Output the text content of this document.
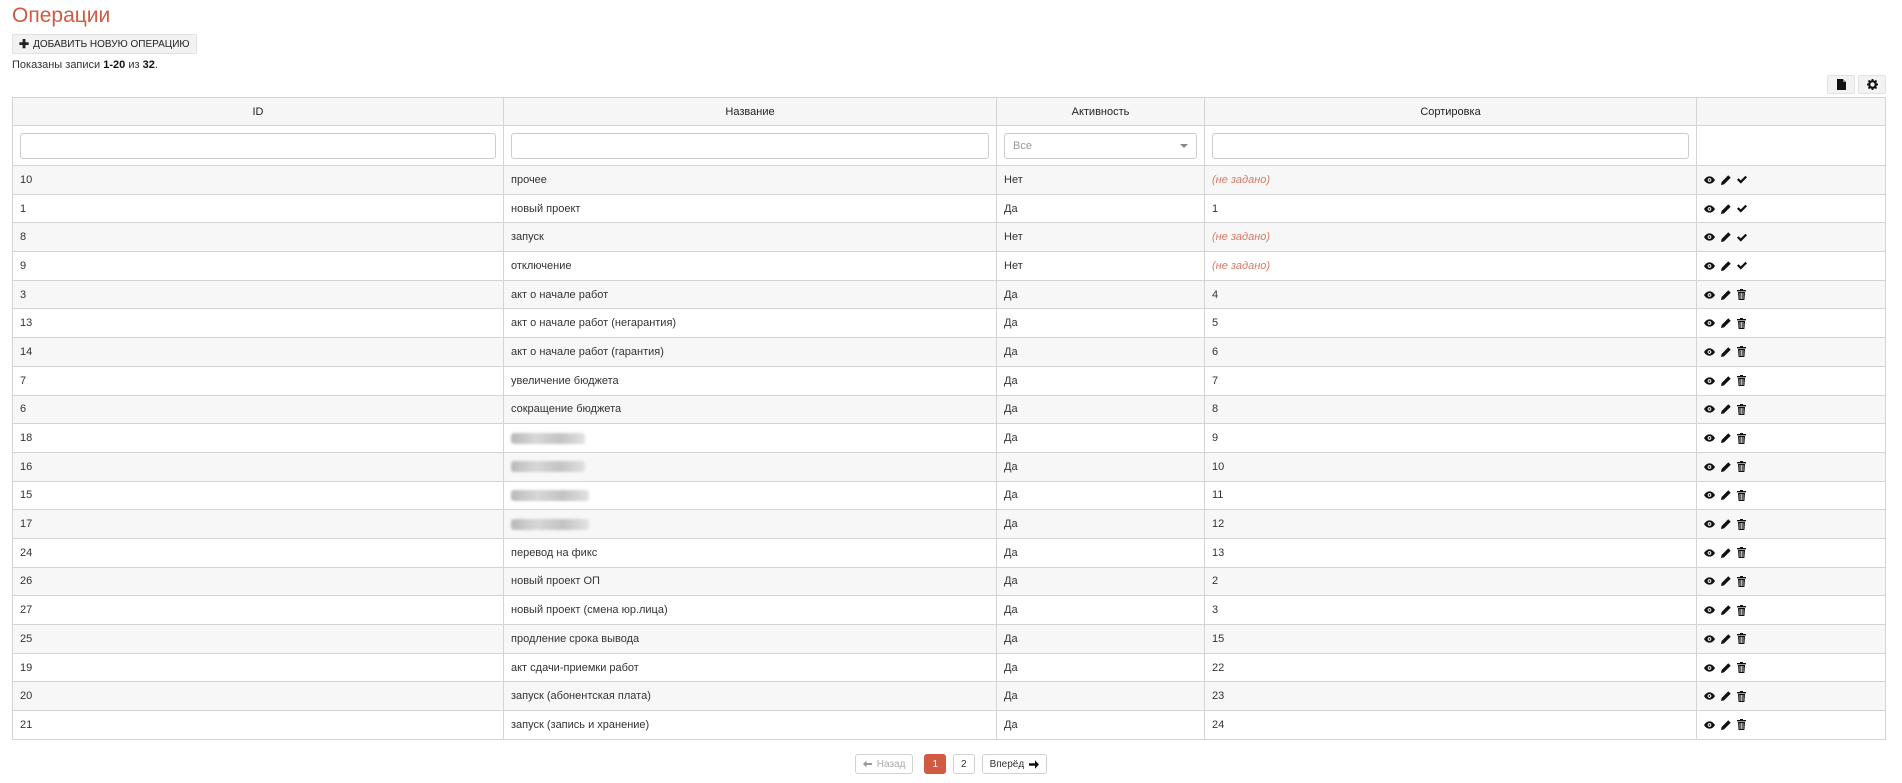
Операции
✚ ДОБАВИТЬ НОВУЮ ОПЕРАЦИЮ
Показаны записи 1-20 из 32.
ID	Название	Активность	Сортировка	

Все

10	прочее	Нет	(не задано)	

1	новый проект	Да	1	

8	запуск	Нет	(не задано)	

9	отключение	Нет	(не задано)	

3	акт о начале работ	Да	4	

13	акт о начале работ (негарантия)	Да	5	

14	акт о начале работ (гарантия)	Да	6	

7	увеличение бюджета	Да	7	

6	сокращение бюджета	Да	8	

18		Да	9	

16		Да	10	

15		Да	11	

17		Да	12	

24	перевод на фикс	Да	13	

26	новый проект ОП	Да	2	

27	новый проект (смена юр.лица)	Да	3	

25	продление срока вывода	Да	15	

19	акт сдачи-приемки работ	Да	22	

20	запуск (абонентская плата)	Да	23	

21	запуск (запись и хранение)	Да	24	
Назад	1	2	Вперёд
